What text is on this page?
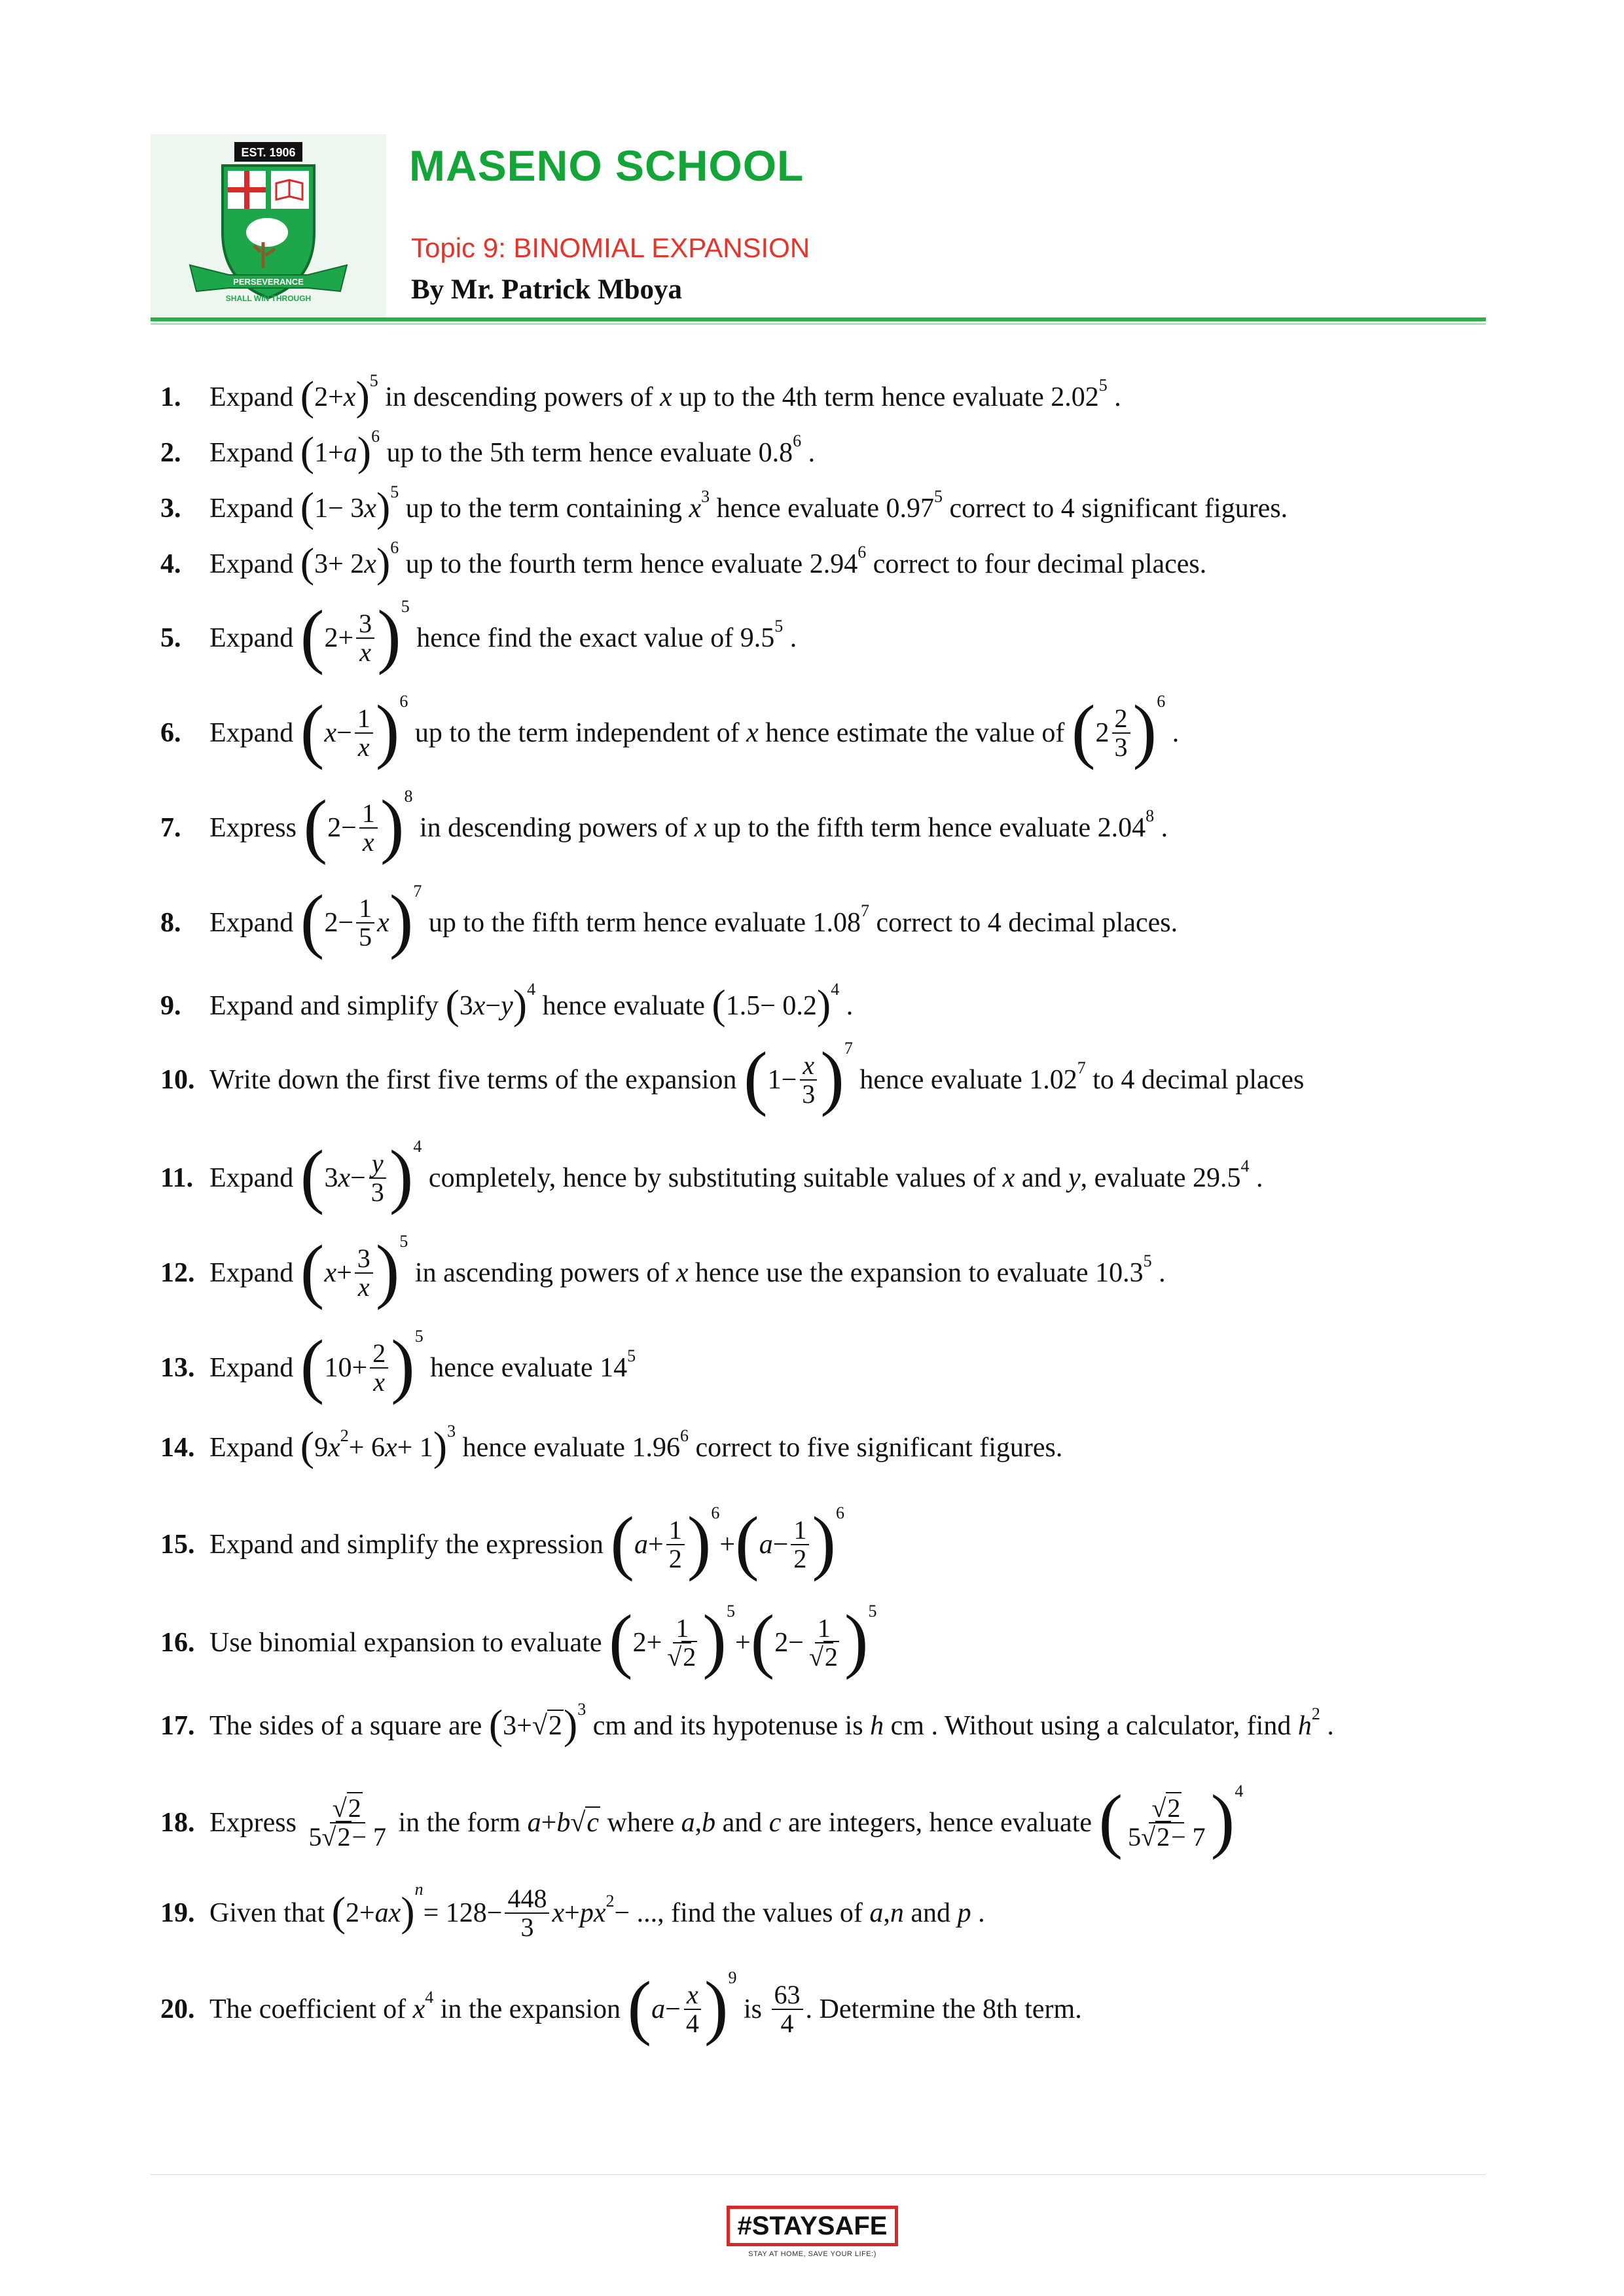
EST. 1906
PERSEVERANCE
SHALL WIN THROUGH
MASENO SCHOOL
Topic 9: BINOMIAL EXPANSION
By Mr. Patrick Mboya
1.	Expand ( 2+ x ) 5
in descending powers of x up to the 4th term hence evaluate 2.02 5
.
2.	Expand ( 1+ a ) 6
up to the 5th term hence evaluate 0.8 6
.
3.	Expand ( 1− 3 x ) 5
up to the term containing x 3 hence evaluate 0.97 5 correct to 4 significant figures.
4.	Expand ( 3+ 2 x ) 6
up to the fourth term hence evaluate 2.94 6 correct to four decimal places.
5.	Expand ( $2+ \frac{3}{x}$ ) 5
hence find the exact value of 9.5 5
.
6.	Expand ( $x - \frac{1}{x}$ ) 6
up to the term independent of x hence estimate the value of ( $2 \frac{2}{3}$ ) 6

.
7.	Express ( $2- \frac{1}{x}$ ) 8
in descending powers of x up to the fifth term hence evaluate 2.04 8
.
8.	Expand ( $2- \frac{1}{5}$ x ) 7
up to the fifth term hence evaluate 1.08 7 correct to 4 decimal places.
9.	Expand and simplify ( 3 x − y ) 4
hence evaluate ( 1.5− 0.2 ) 4

.
10. Write down the first five terms of the expansion ( $1- \frac{x}{3}$ ) 7
hence evaluate 1.02 7 to 4 decimal places
11. Expand ( 3 $x - \frac{y}{3}$ ) 4
completely, hence by substituting suitable values of x and y , evaluate 29.5 4
.
12. Expand ( $x + \frac{3}{x}$ ) 5
in ascending powers of x hence use the expansion to evaluate 10.3 5
.
13. Expand ( $10+ \frac{2}{x}$ ) 5
hence evaluate 14 5
14. Expand ( 9 x 2 + 6 x + 1 ) 3
hence evaluate 1.96 6 correct to five significant figures.
15. Expand and simplify the expression ( $a + \frac{1}{2}$ ) 6
+ ( $a - \frac{1}{2}$ ) 6
16. Use binomial expansion to evaluate ( $2+ \frac{1}{√2}$ ) 5
+ ( $2- \frac{1}{√2}$ ) 5
17. The sides of a square are ( 3+ √2 ) 3
cm and its hypotenuse is h cm . Without using a calculator, find h 2
.
18. Express $\frac{√2}{5√2- 7}$ in the form a + b √c where a , b and c are integers, hence evaluate ( $\frac{√2}{5√2- 7}$ ) 4
19. Given that ( 2+ ax ) n
= $128- \frac{448}{3}$ x + px 2 − ... , find the values of a , n and p
.
20. The coefficient of x 4 in the expansion ( $a - \frac{x}{4}$ ) 9
is $\frac{63}{4}$ . Determine the 8th term.
#STAYSAFE
STAY AT HOME, SAVE YOUR LIFE:)
